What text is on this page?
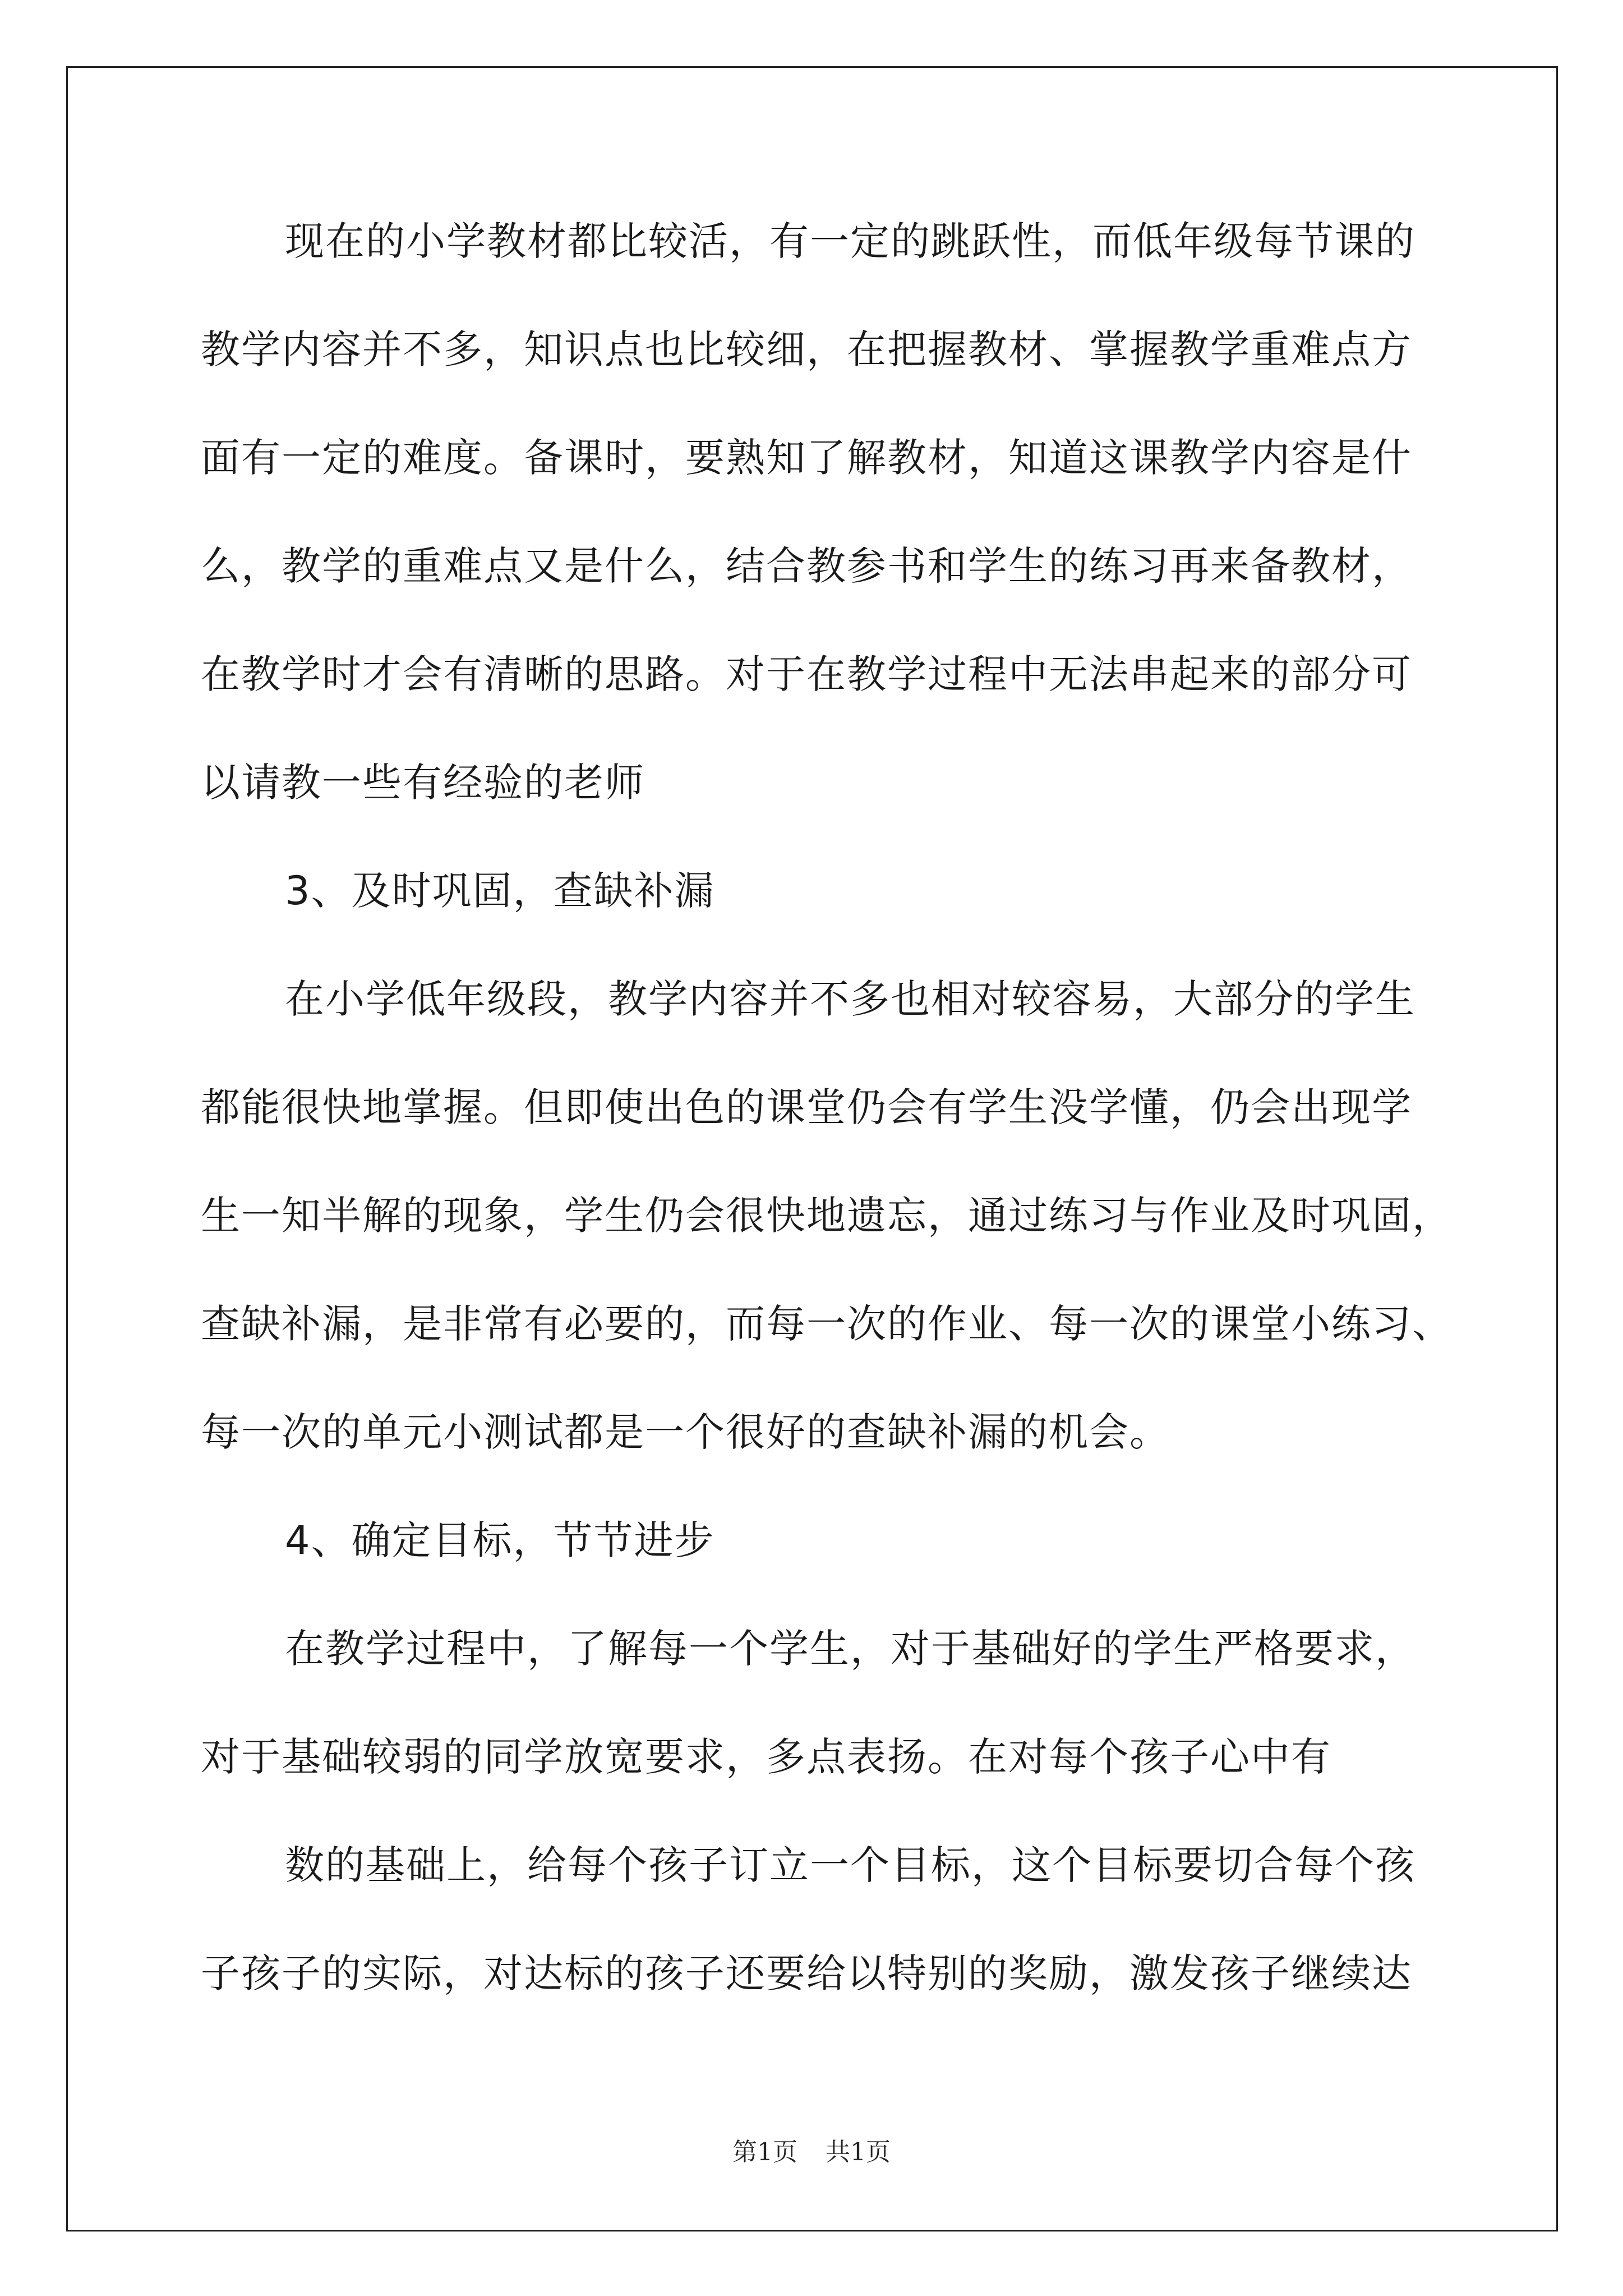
现在的小学教材都比较活，有一定的跳跃性，而低年级每节课的
教学内容并不多，知识点也比较细，在把握教材、掌握教学重难点方
面有一定的难度。备课时，要熟知了解教材，知道这课教学内容是什
么，教学的重难点又是什么，结合教参书和学生的练习再来备教材，
在教学时才会有清晰的思路。对于在教学过程中无法串起来的部分可
以请教一些有经验的老师
3、及时巩固，查缺补漏
在小学低年级段，教学内容并不多也相对较容易，大部分的学生
都能很快地掌握。但即使出色的课堂仍会有学生没学懂，仍会出现学
生一知半解的现象，学生仍会很快地遗忘，通过练习与作业及时巩固，
查缺补漏，是非常有必要的，而每一次的作业、每一次的课堂小练习、
每一次的单元小测试都是一个很好的查缺补漏的机会。
4、确定目标，节节进步
在教学过程中，了解每一个学生，对于基础好的学生严格要求，
对于基础较弱的同学放宽要求，多点表扬。在对每个孩子心中有
数的基础上，给每个孩子订立一个目标，这个目标要切合每个孩
子孩子的实际，对达标的孩子还要给以特别的奖励，激发孩子继续达
第1页 共1页
